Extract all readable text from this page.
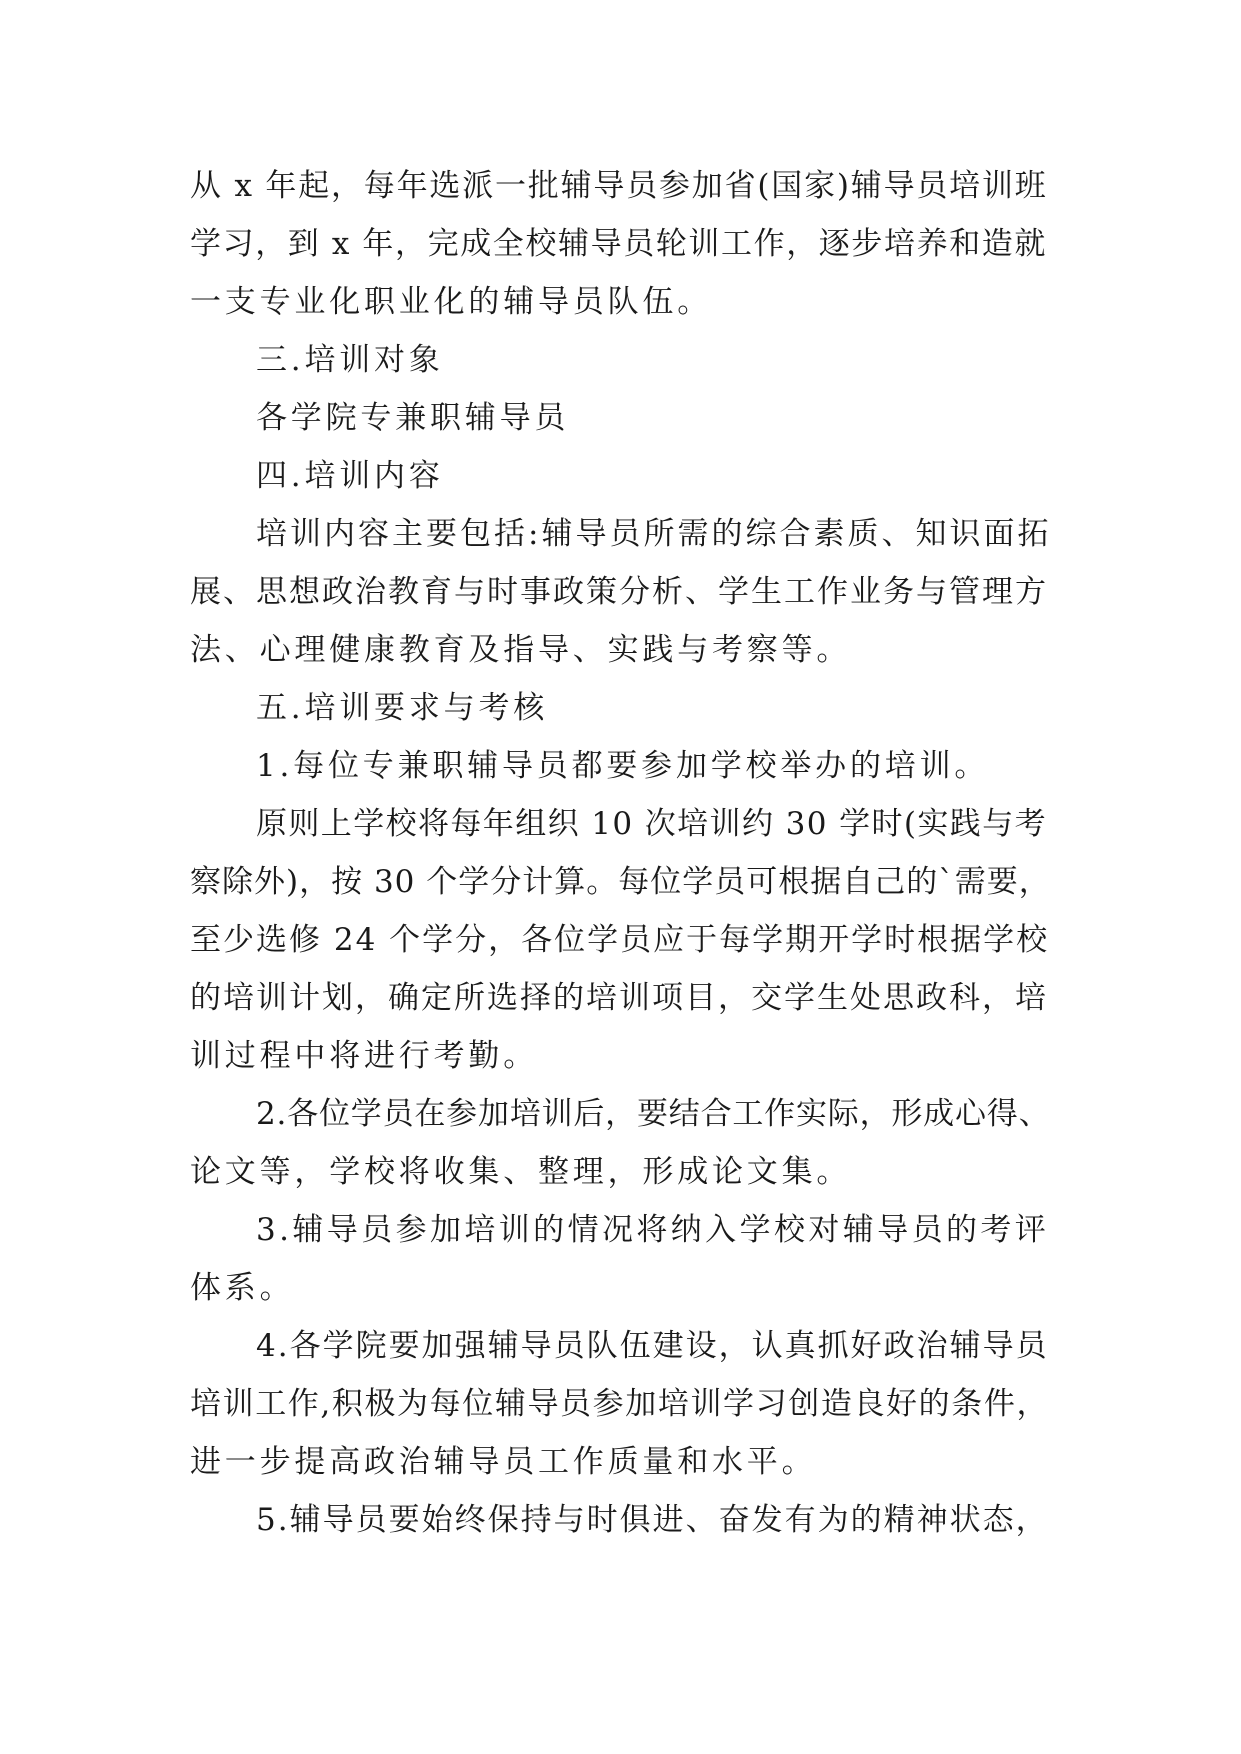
从 x 年起，每年选派一批辅导员参加省(国家)辅导员培训班
学习，到 x 年，完成全校辅导员轮训工作，逐步培养和造就
一支专业化职业化的辅导员队伍。
三.培训对象
各学院专兼职辅导员
四.培训内容
培训内容主要包括:辅导员所需的综合素质、知识面拓
展、思想政治教育与时事政策分析、学生工作业务与管理方
法、心理健康教育及指导、实践与考察等。
五.培训要求与考核
1.每位专兼职辅导员都要参加学校举办的培训。
原则上学校将每年组织 10 次培训约 30 学时(实践与考
察除外)，按 30 个学分计算。每位学员可根据自己的`需要，
至少选修 24 个学分，各位学员应于每学期开学时根据学校
的培训计划，确定所选择的培训项目，交学生处思政科，培
训过程中将进行考勤。
2.各位学员在参加培训后，要结合工作实际，形成心得、
论文等，学校将收集、整理，形成论文集。
3.辅导员参加培训的情况将纳入学校对辅导员的考评
体系。
4.各学院要加强辅导员队伍建设，认真抓好政治辅导员
培训工作,积极为每位辅导员参加培训学习创造良好的条件，
进一步提高政治辅导员工作质量和水平。
5.辅导员要始终保持与时俱进、奋发有为的精神状态，
